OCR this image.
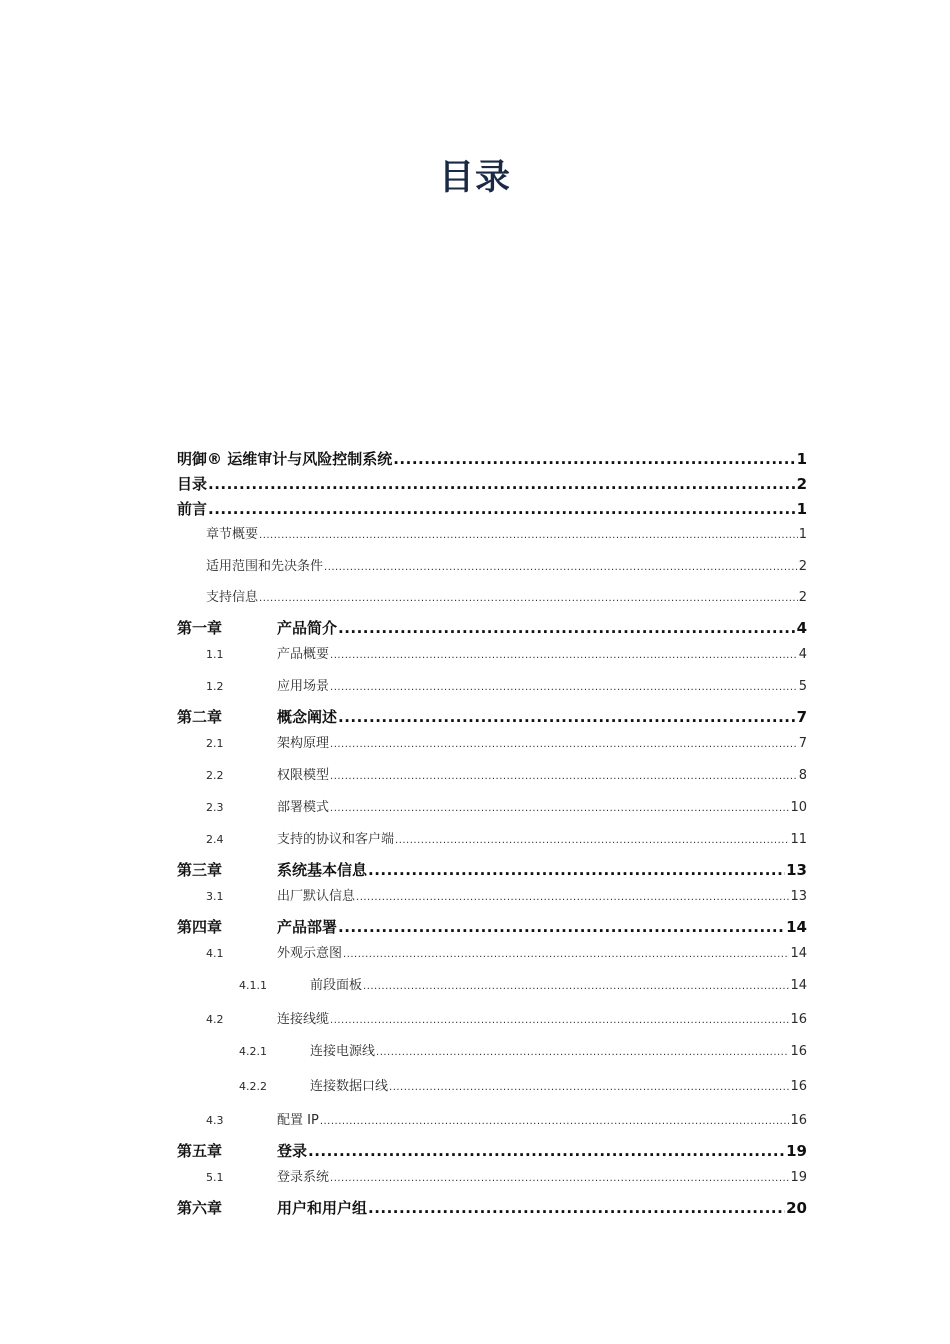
目录
明御® 运维审计与风险控制系统 .....	1
目录 .....	2
前言 .....	1
章节概要 .....	1
适用范围和先决条件 .....	2
支持信息 .....	2
第一章	产品简介 .....	4
1.1	产品概要 .....	4
1.2	应用场景 .....	5
第二章	概念阐述 .....	7
2.1	架构原理 .....	7
2.2	权限模型 .....	8
2.3	部署模式 .....	10
2.4	支持的协议和客户端 .....	11
第三章	系统基本信息 .....	13
3.1	出厂默认信息 .....	13
第四章	产品部署 .....	14
4.1	外观示意图 .....	14
4.1.1	前段面板 .....	14
4.2	连接线缆 .....	16
4.2.1	连接电源线 .....	16
4.2.2	连接数据口线 .....	16
4.3	配置 IP .....	16
第五章	登录 .....	19
5.1	登录系统 .....	19
第六章	用户和用户组 .....	20
